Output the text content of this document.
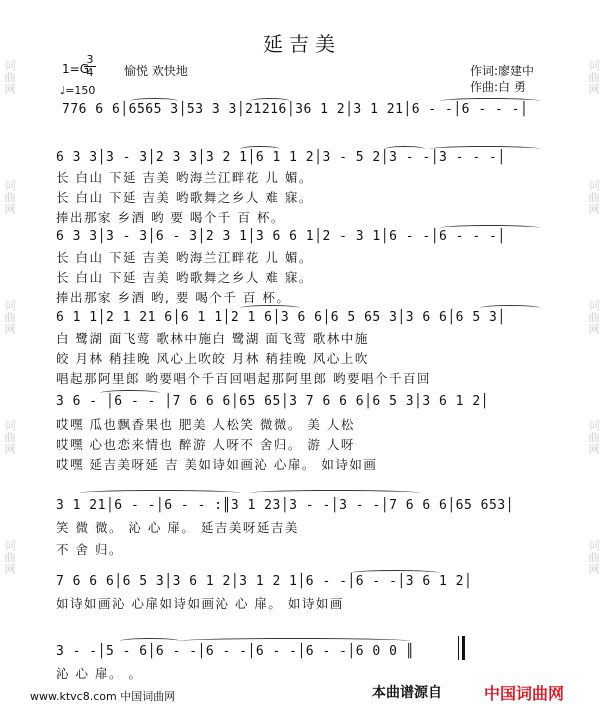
词曲网
词曲网
词曲网
词曲网
词曲网
词曲网
词曲网
词曲网
词曲网
词曲网
延吉美
1=G
$\frac{3}{4}$ 愉悦 欢快地
♩=150
作词:廖建中
作曲:白 勇
776 6 6│6565 3│53 3 3│21216│36 1 2│3 1 21│6 - -│6 - - -│
6 3 3│3 - 3│2 3 3│3 2 1│6 1 1 2│3 - 5 2│3 - -│3 - - -│
长 白山 下延 吉美 哟海兰江畔花 儿 媚。
长 白山 下延 吉美 哟歌舞之乡人 难 寐。
捧出那家 乡酒 哟 要 喝个千 百 杯。
6 3 3│3 - 3│6 - 3│2 3 1│3 6 6 1│2 - 3 1│6 - -│6 - - -│
长 白山 下延 吉美 哟海兰江畔花 儿 媚。
长 白山 下延 吉美 哟歌舞之乡人 难 寐。
捧出那家 乡酒 哟, 要 喝个千 百 杯。
6 1 1│2 1 21 6│6 1 1│2 1 6│3 6 6│6 5 65 3│3 6 6│6 5 3│
白 鹭湖 面飞莺 歌林中施白 鹭湖 面飞莺 歌林中施
皎 月林 稍挂晚 风心上吹皎 月林 稍挂晚 风心上吹
唱起那阿里郎 哟要唱个千百回唱起那阿里郎 哟要唱个千百回
3 6 - │6 - - │7 6 6 6│65 65│3 7 6 6 6│6 5 3│3 6 1 2│
哎嘿 瓜也飘香果也 肥美 人松笑 微微。 美 人松
哎嘿 心也恋来情也 醉游 人呀不 舍归。 游 人呀
哎嘿 延吉美呀延 吉 美如诗如画沁 心扉。 如诗如画
3 1 21│6 - -│6 - - :║3 1 23│3 - -│3 - -│7 6 6 6│65 653│
笑 微 微。 沁 心 扉。 延吉美呀延吉美
不 舍 归。
7 6 6 6│6 5 3│3 6 1 2│3 1 2 1│6 - -│6 - -│3 6 1 2│
如诗如画沁 心扉如诗如画沁 心 扉。 如诗如画
3 - -│5 - 6│6 - -│6 - -│6 - -│6 - -│6 0 0 ║
沁 心 扉。 。
www.ktvc8.com 中国词曲网	本曲谱源自	中国词曲网
